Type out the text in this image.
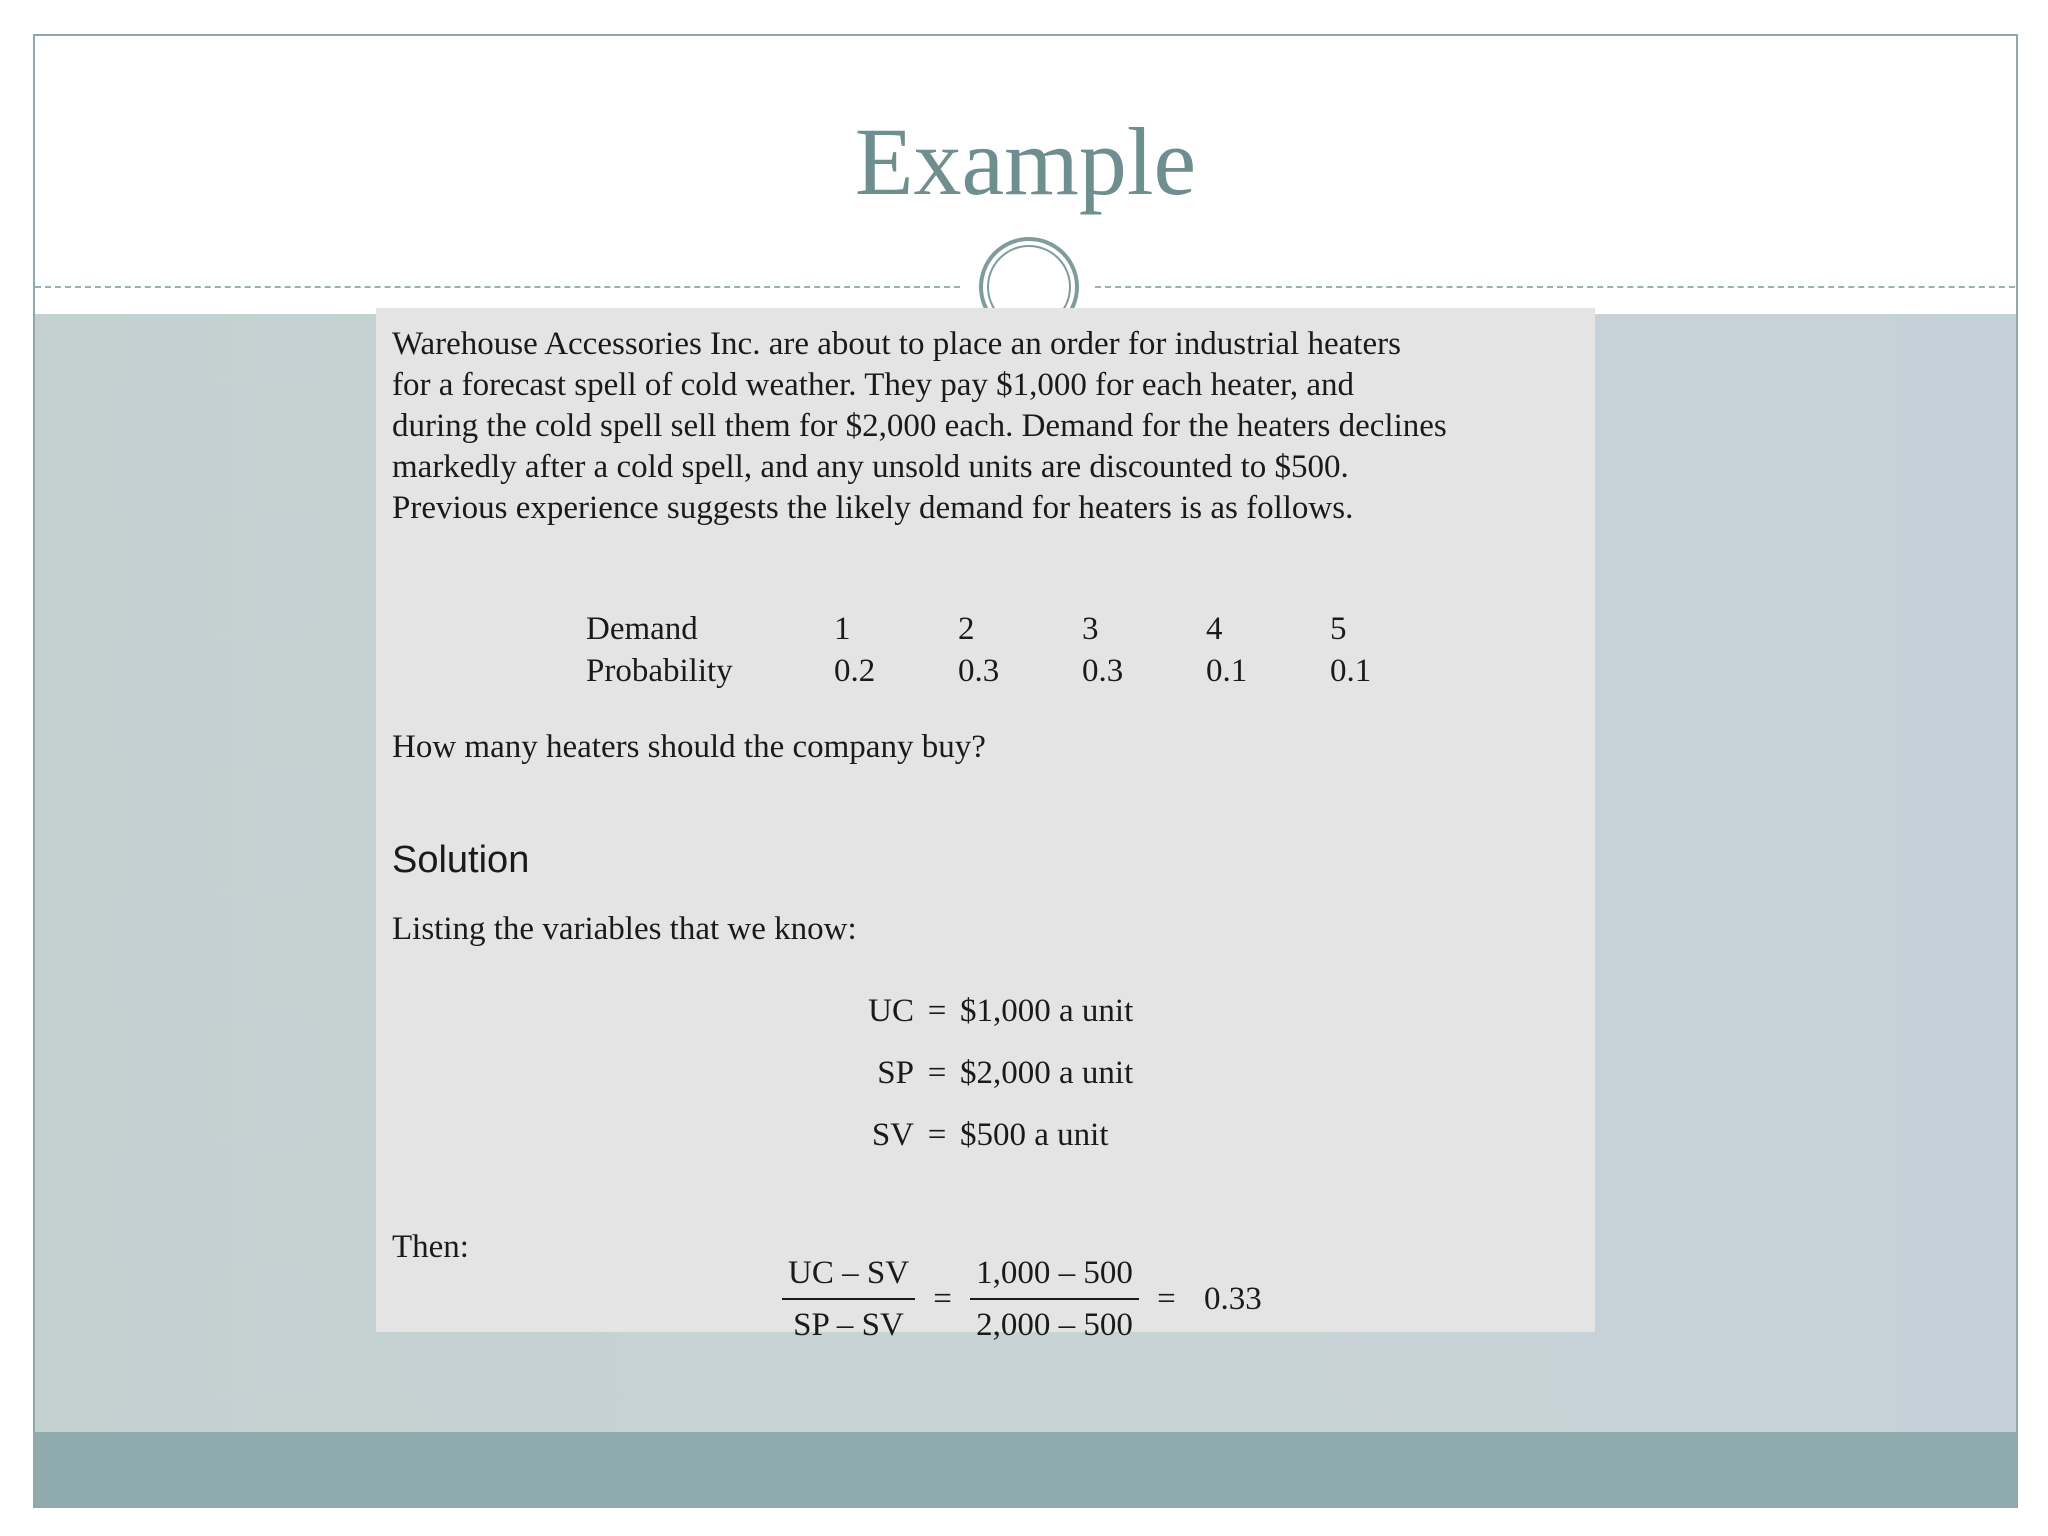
Example
Warehouse Accessories Inc. are about to place an order for industrial heaters
for a forecast spell of cold weather. They pay $1,000 for each heater, and
during the cold spell sell them for $2,000 each. Demand for the heaters declines
markedly after a cold spell, and any unsold units are discounted to $500.
Previous experience suggests the likely demand for heaters is as follows.
Demand	1	2	3	4	5
Probability	0.2	0.3	0.3	0.1	0.1
How many heaters should the company buy?
Solution
Listing the variables that we know:
UC = $1,000 a unit
SP = $2,000 a unit
SV = $500 a unit
Then:
$\frac{UC - SV}{SP - SV} = \frac{1,000 - 500}{2,000 - 500} = 0.33$
